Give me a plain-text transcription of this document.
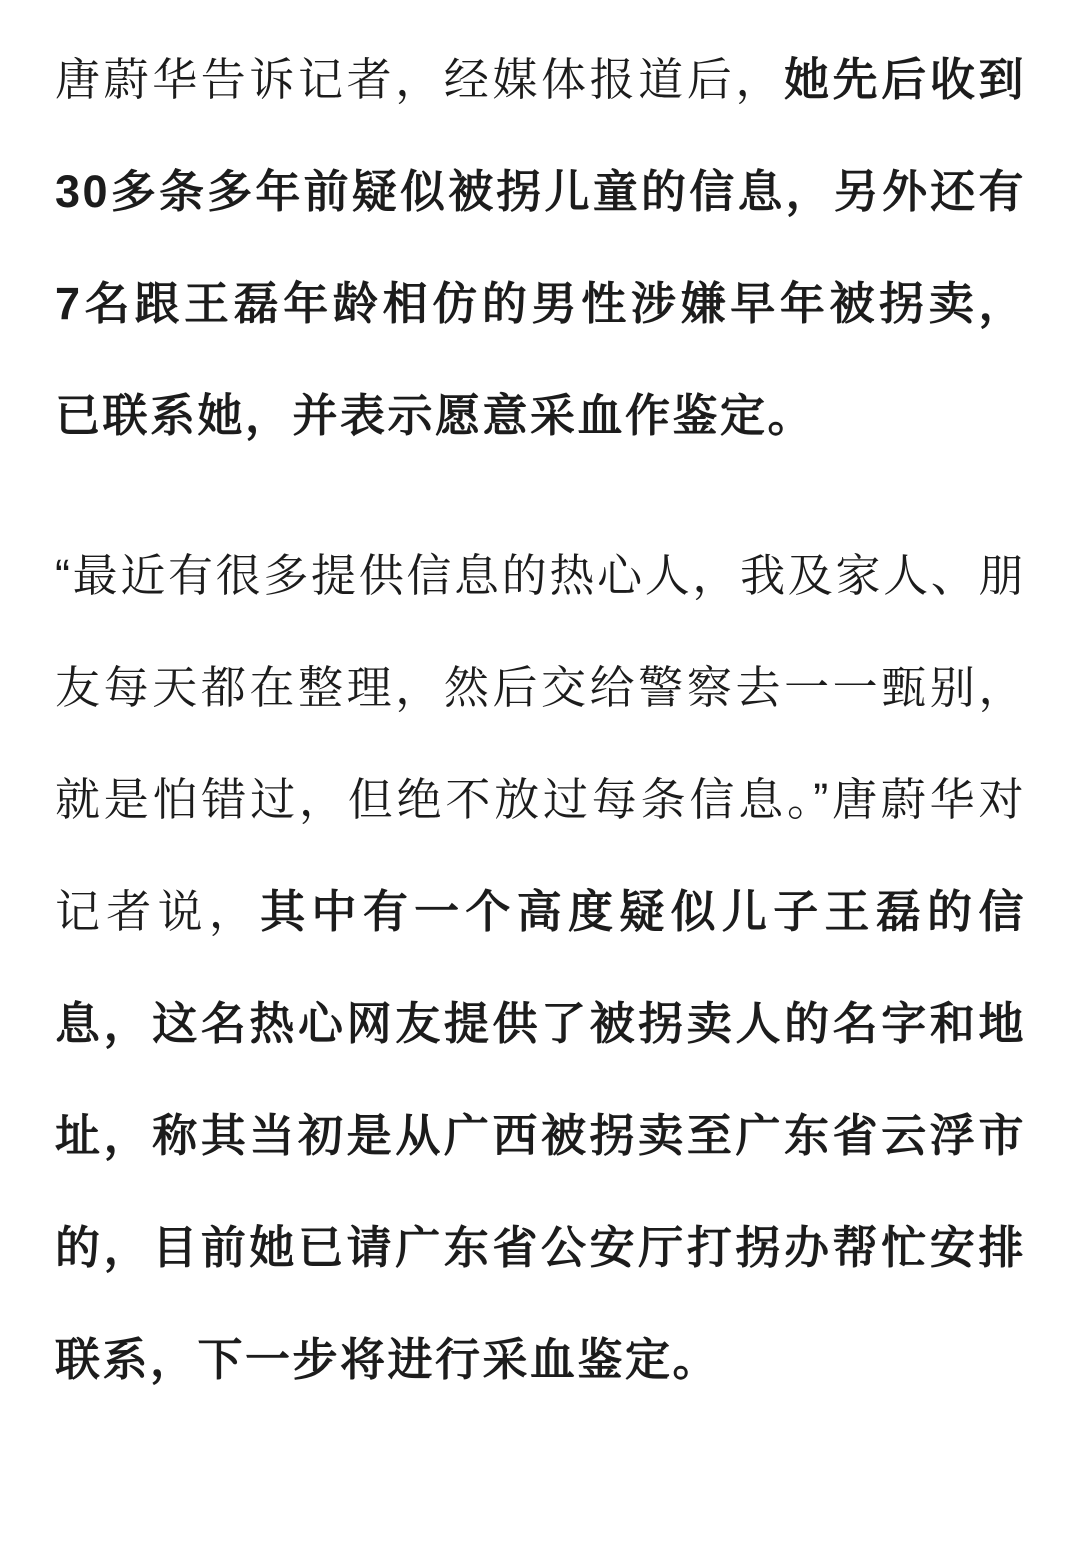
唐蔚华告诉记者，经媒体报道后，她先后收到30多条多年前疑似被拐儿童的信息，另外还有7名跟王磊年龄相仿的男性涉嫌早年被拐卖，已联系她，并表示愿意采血作鉴定。

“最近有很多提供信息的热心人，我及家人、朋友每天都在整理，然后交给警察去一一甄别，就是怕错过，但绝不放过每条信息。”唐蔚华对记者说，其中有一个高度疑似儿子王磊的信息，这名热心网友提供了被拐卖人的名字和地址，称其当初是从广西被拐卖至广东省云浮市的，目前她已请广东省公安厅打拐办帮忙安排联系，下一步将进行采血鉴定。
